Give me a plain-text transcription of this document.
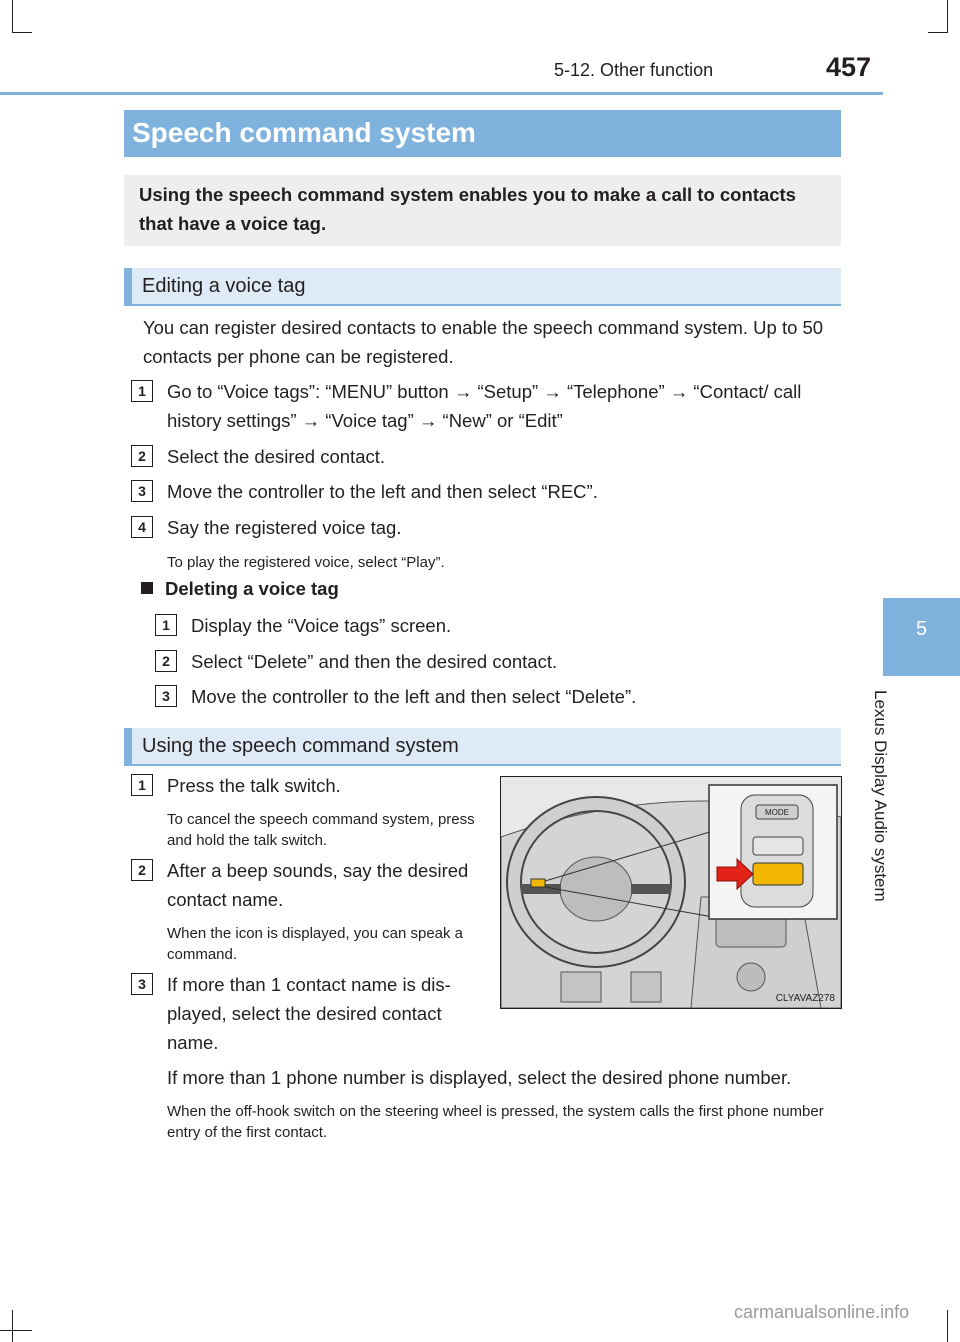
5-12. Other function	457
5
Lexus Display Audio system
Speech command system

Using the speech command system enables you to make a call to contacts that have a voice tag.

Editing a voice tag

You can register desired contacts to enable the speech command system. Up to 50 contacts per phone can be registered.

1	Go to “Voice tags”: “MENU” button → “Setup” → “Telephone” → “Contact/ call history settings” → “Voice tag” → “New” or “Edit”

2	Select the desired contact.

3	Move the controller to the left and then select “REC”.

4	Say the registered voice tag.

To play the registered voice, select “Play”.

Deleting a voice tag
1	Display the “Voice tags” screen.

2	Select “Delete” and then the desired contact.

3	Move the controller to the left and then select “Delete”.

Using the speech command system
1	Press the talk switch.

To cancel the speech command system, press and hold the talk switch.

2	After a beep sounds, say the desired contact name.

When the icon is displayed, you can speak a command.

3	If more than 1 contact name is dis- played, select the desired contact name.

If more than 1 phone number is displayed, select the desired phone number.

When the off-hook switch on the steering wheel is pressed, the system calls the first phone number entry of the first contact.

MODE
CLYAVAZ278
carmanualsonline.info
